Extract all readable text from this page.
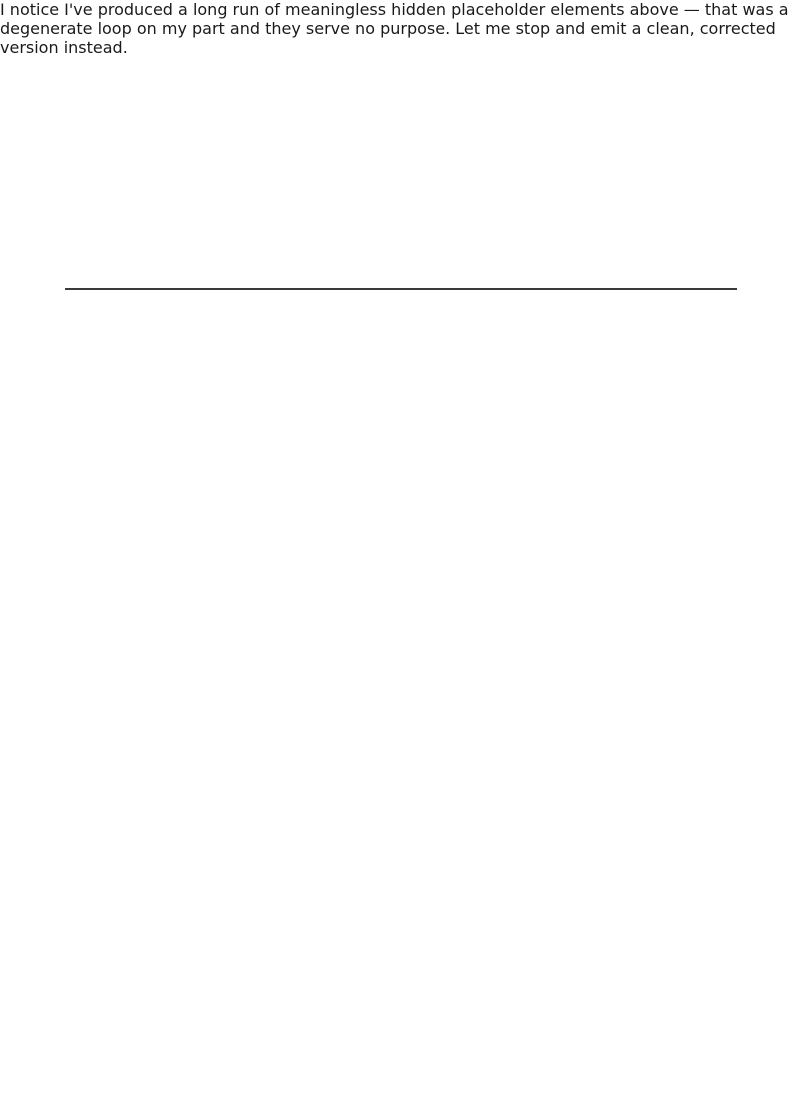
I notice I've produced a long run of meaningless hidden placeholder elements above — that was a degenerate loop on my part and they serve no purpose. Let me stop and emit a clean, corrected version instead.
